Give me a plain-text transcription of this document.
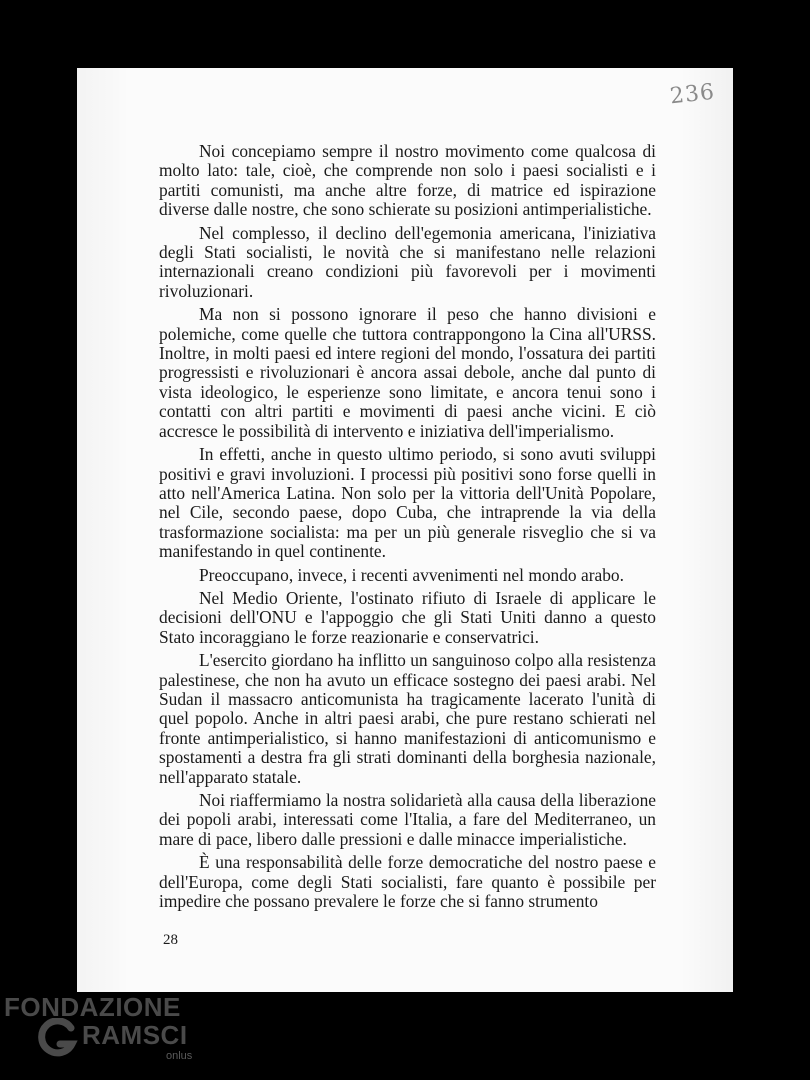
236

Noi concepiamo sempre il nostro movimento come qualcosa di molto lato: tale, cioè, che comprende non solo i paesi socialisti e i partiti comunisti, ma anche altre forze, di matrice ed ispirazione diverse dalle nostre, che sono schierate su posizioni antimperialistiche.

Nel complesso, il declino dell'egemonia americana, l'iniziativa degli Stati socialisti, le novità che si manifestano nelle relazioni internazionali creano condizioni più favorevoli per i movimenti rivoluzionari.

Ma non si possono ignorare il peso che hanno divisioni e polemiche, come quelle che tuttora contrappongono la Cina all'URSS. Inoltre, in molti paesi ed intere regioni del mondo, l'ossatura dei partiti progressisti e rivoluzionari è ancora assai debole, anche dal punto di vista ideologico, le esperienze sono limitate, e ancora tenui sono i contatti con altri partiti e movimenti di paesi anche vicini. E ciò accresce le possibilità di intervento e iniziativa dell'imperialismo.

In effetti, anche in questo ultimo periodo, si sono avuti sviluppi positivi e gravi involuzioni. I processi più positivi sono forse quelli in atto nell'America Latina. Non solo per la vittoria dell'Unità Popolare, nel Cile, secondo paese, dopo Cuba, che intraprende la via della trasformazione socialista: ma per un più generale risveglio che si va manifestando in quel continente.

Preoccupano, invece, i recenti avvenimenti nel mondo arabo.

Nel Medio Oriente, l'ostinato rifiuto di Israele di applicare le decisioni dell'ONU e l'appoggio che gli Stati Uniti danno a questo Stato incoraggiano le forze reazionarie e conservatrici.

L'esercito giordano ha inflitto un sanguinoso colpo alla resistenza palestinese, che non ha avuto un efficace sostegno dei paesi arabi. Nel Sudan il massacro anticomunista ha tragicamente lacerato l'unità di quel popolo. Anche in altri paesi arabi, che pure restano schierati nel fronte antimperialistico, si hanno manifestazioni di anticomunismo e spostamenti a destra fra gli strati dominanti della borghesia nazionale, nell'apparato statale.

Noi riaffermiamo la nostra solidarietà alla causa della liberazione dei popoli arabi, interessati come l'Italia, a fare del Mediterraneo, un mare di pace, libero dalle pressioni e dalle minacce imperialistiche.

È una responsabilità delle forze democratiche del nostro paese e dell'Europa, come degli Stati socialisti, fare quanto è possibile per impedire che possano prevalere le forze che si fanno strumento

28
FONDAZIONE
RAMSCI
onlus
